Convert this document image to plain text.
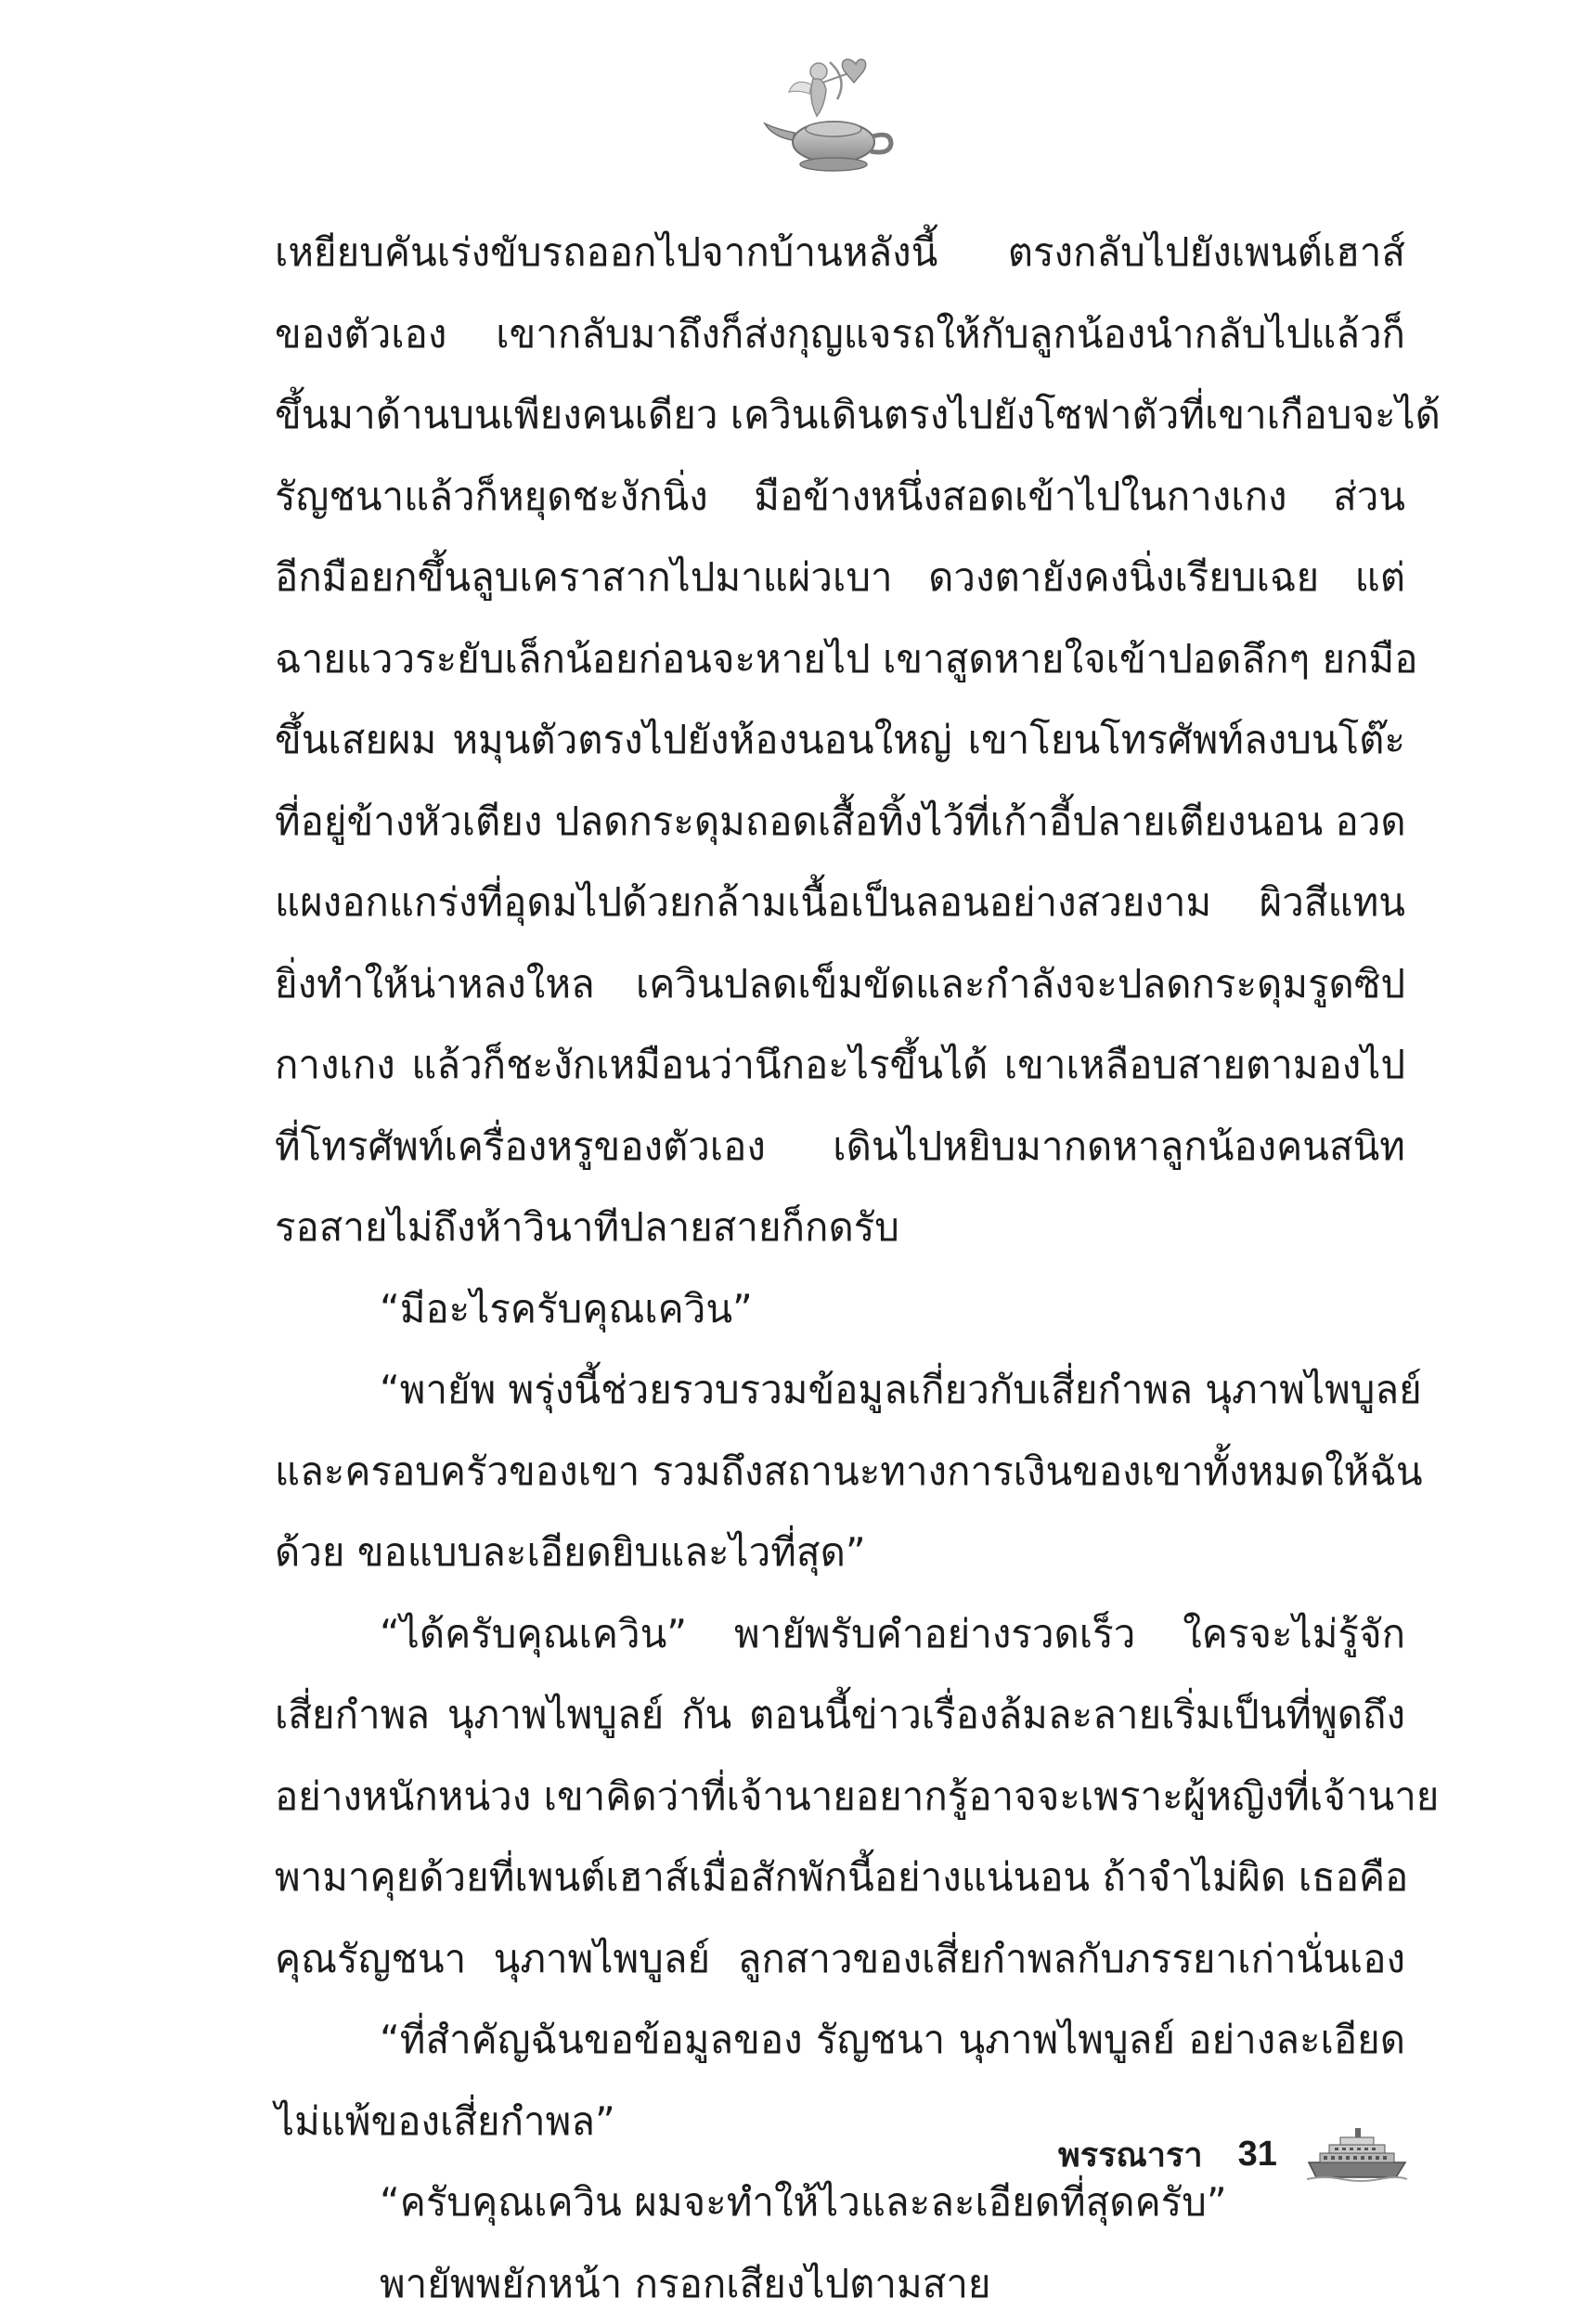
เหยียบคันเร่งขับรถออกไปจากบ้านหลังนี้ ตรงกลับไปยังเพนต์เฮาส์
ของตัวเอง เขากลับมาถึงก็ส่งกุญแจรถให้กับลูกน้องนำกลับไปแล้วก็
ขึ้นมาด้านบนเพียงคนเดียว เควินเดินตรงไปยังโซฟาตัวที่เขาเกือบจะได้
รัญชนาแล้วก็หยุดชะงักนิ่ง มือข้างหนึ่งสอดเข้าไปในกางเกง ส่วน
อีกมือยกขึ้นลูบเคราสากไปมาแผ่วเบา ดวงตายังคงนิ่งเรียบเฉย แต่
ฉายแววระยับเล็กน้อยก่อนจะหายไป เขาสูดหายใจเข้าปอดลึกๆ ยกมือ
ขึ้นเสยผม หมุนตัวตรงไปยังห้องนอนใหญ่ เขาโยนโทรศัพท์ลงบนโต๊ะ
ที่อยู่ข้างหัวเตียง ปลดกระดุมถอดเสื้อทิ้งไว้ที่เก้าอี้ปลายเตียงนอน อวด
แผงอกแกร่งที่อุดมไปด้วยกล้ามเนื้อเป็นลอนอย่างสวยงาม ผิวสีแทน
ยิ่งทำให้น่าหลงใหล เควินปลดเข็มขัดและกำลังจะปลดกระดุมรูดซิป
กางเกง แล้วก็ชะงักเหมือนว่านึกอะไรขึ้นได้ เขาเหลือบสายตามองไป
ที่โทรศัพท์เครื่องหรูของตัวเอง เดินไปหยิบมากดหาลูกน้องคนสนิท
รอสายไม่ถึงห้าวินาทีปลายสายก็กดรับ
“มีอะไรครับคุณเควิน”
“พายัพ พรุ่งนี้ช่วยรวบรวมข้อมูลเกี่ยวกับเสี่ยกำพล นุภาพไพบูลย์
และครอบครัวของเขา รวมถึงสถานะทางการเงินของเขาทั้งหมดให้ฉัน
ด้วย ขอแบบละเอียดยิบและไวที่สุด”
“ได้ครับคุณเควิน” พายัพรับคำอย่างรวดเร็ว ใครจะไม่รู้จัก
เสี่ยกำพล นุภาพไพบูลย์ กัน ตอนนี้ข่าวเรื่องล้มละลายเริ่มเป็นที่พูดถึง
อย่างหนักหน่วง เขาคิดว่าที่เจ้านายอยากรู้อาจจะเพราะผู้หญิงที่เจ้านาย
พามาคุยด้วยที่เพนต์เฮาส์เมื่อสักพักนี้อย่างแน่นอน ถ้าจำไม่ผิด เธอคือ
คุณรัญชนา นุภาพไพบูลย์ ลูกสาวของเสี่ยกำพลกับภรรยาเก่านั่นเอง
“ที่สำคัญฉันขอข้อมูลของ รัญชนา นุภาพไพบูลย์ อย่างละเอียด
ไม่แพ้ของเสี่ยกำพล”
“ครับคุณเควิน ผมจะทำให้ไวและละเอียดที่สุดครับ”
พายัพพยักหน้า กรอกเสียงไปตามสาย
พรรณารา 31
